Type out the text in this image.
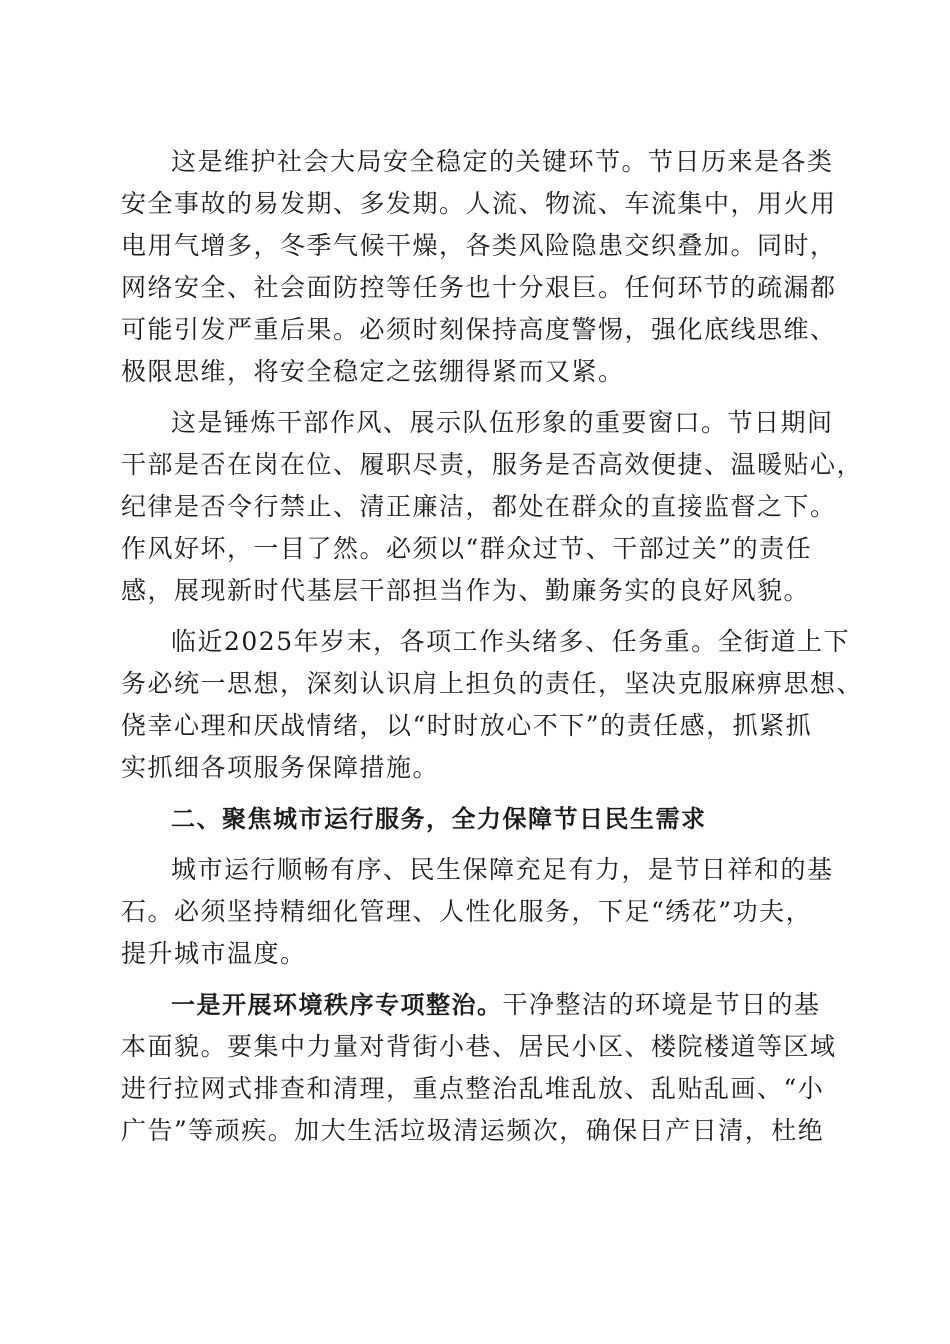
这是维护社会大局安全稳定的关键环节。节日历来是各类
安全事故的易发期、多发期。人流、物流、车流集中，用火用
电用气增多，冬季气候干燥，各类风险隐患交织叠加。同时，
网络安全、社会面防控等任务也十分艰巨。任何环节的疏漏都
可能引发严重后果。必须时刻保持高度警惕，强化底线思维、
极限思维，将安全稳定之弦绷得紧而又紧。
这是锤炼干部作风、展示队伍形象的重要窗口。节日期间
干部是否在岗在位、履职尽责，服务是否高效便捷、温暖贴心，
纪律是否令行禁止、清正廉洁，都处在群众的直接监督之下。
作风好坏，一目了然。必须以“群众过节、干部过关”的责任
感，展现新时代基层干部担当作为、勤廉务实的良好风貌。
临近2025年岁末，各项工作头绪多、任务重。全街道上下
务必统一思想，深刻认识肩上担负的责任，坚决克服麻痹思想、
侥幸心理和厌战情绪，以“时时放心不下”的责任感，抓紧抓
实抓细各项服务保障措施。
二、聚焦城市运行服务，全力保障节日民生需求
城市运行顺畅有序、民生保障充足有力，是节日祥和的基
石。必须坚持精细化管理、人性化服务，下足“绣花”功夫，
提升城市温度。
一是开展环境秩序专项整治。干净整洁的环境是节日的基
本面貌。要集中力量对背街小巷、居民小区、楼院楼道等区域
进行拉网式排查和清理，重点整治乱堆乱放、乱贴乱画、“小
广告”等顽疾。加大生活垃圾清运频次，确保日产日清，杜绝
